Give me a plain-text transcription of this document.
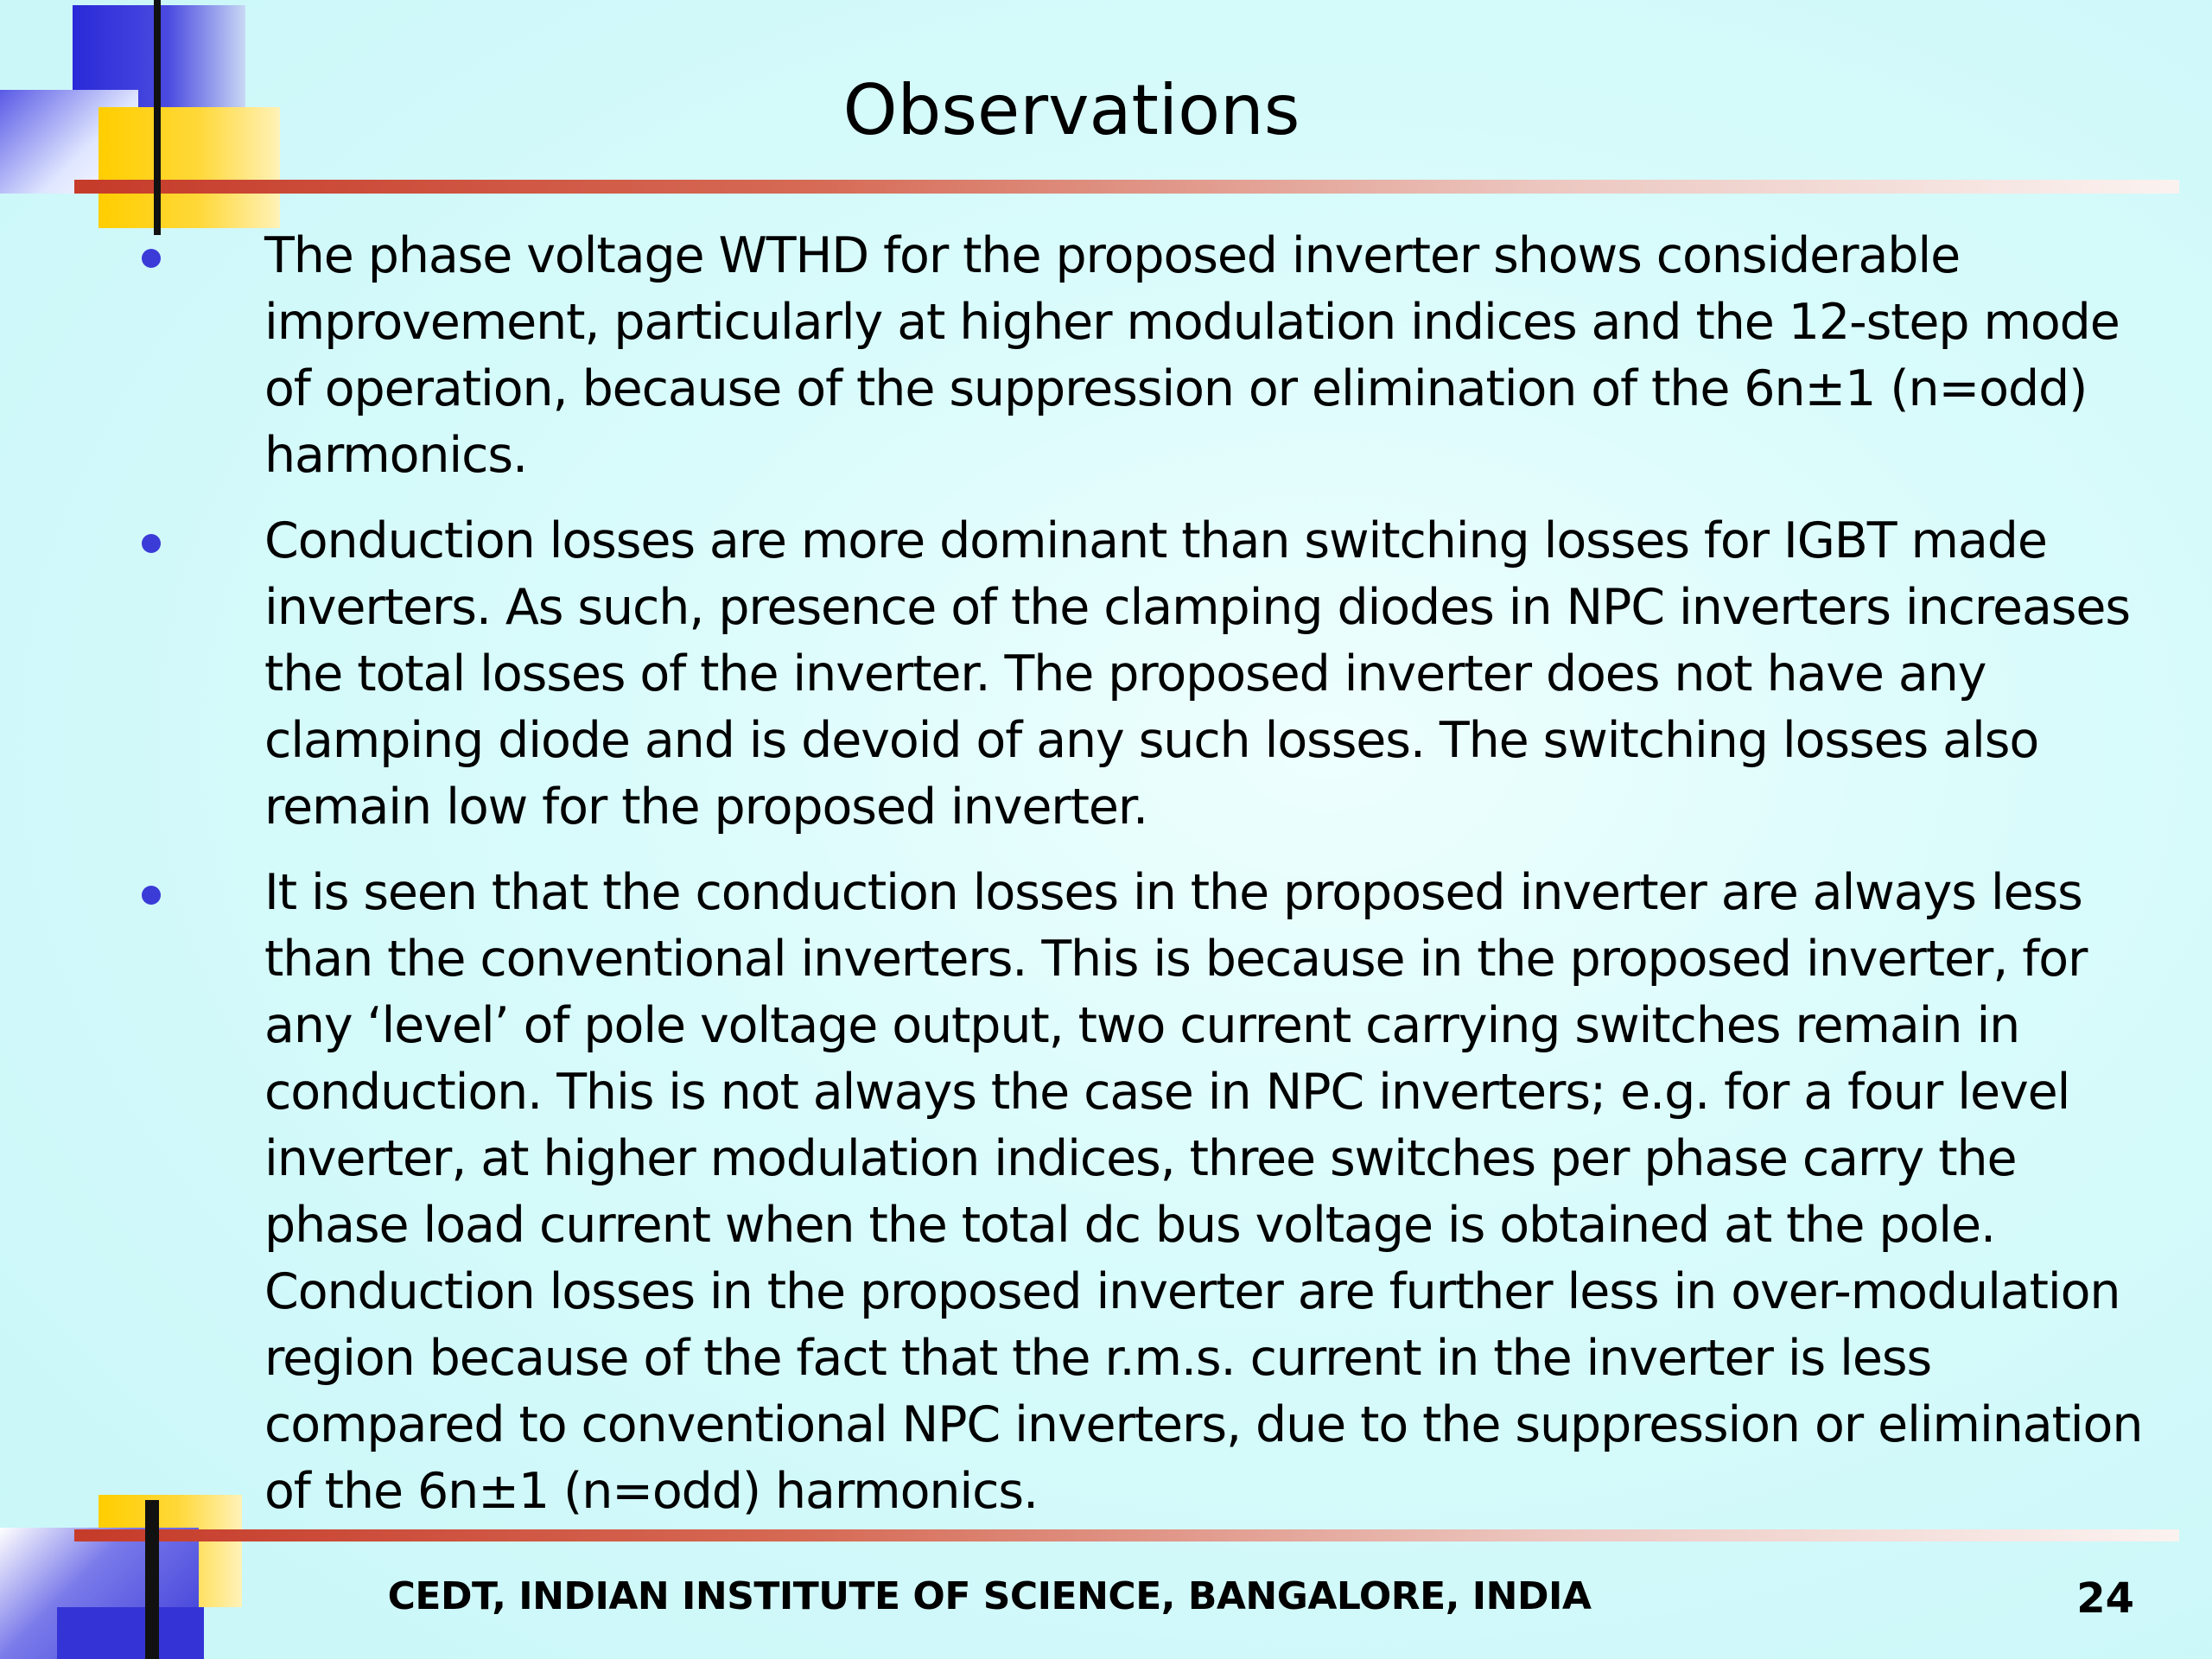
Observations
The phase voltage WTHD for the proposed inverter shows considerable improvement, particularly at higher modulation indices and the 12-step mode of operation, because of the suppression or elimination of the 6n±1 (n=odd) harmonics.
Conduction losses are more dominant than switching losses for IGBT made inverters. As such, presence of the clamping diodes in NPC inverters increases the total losses of the inverter. The proposed inverter does not have any clamping diode and is devoid of any such losses. The switching losses also remain low for the proposed inverter.
It is seen that the conduction losses in the proposed inverter are always less than the conventional inverters. This is because in the proposed inverter, for any ‘level’ of pole voltage output, two current carrying switches remain in conduction. This is not always the case in NPC inverters; e.g. for a four level inverter, at higher modulation indices, three switches per phase carry the phase load current when the total dc bus voltage is obtained at the pole. Conduction losses in the proposed inverter are further less in over-modulation region because of the fact that the r.m.s. current in the inverter is less compared to conventional NPC inverters, due to the suppression or elimination of the 6n±1 (n=odd) harmonics.
CEDT, INDIAN INSTITUTE OF SCIENCE, BANGALORE, INDIA	24
